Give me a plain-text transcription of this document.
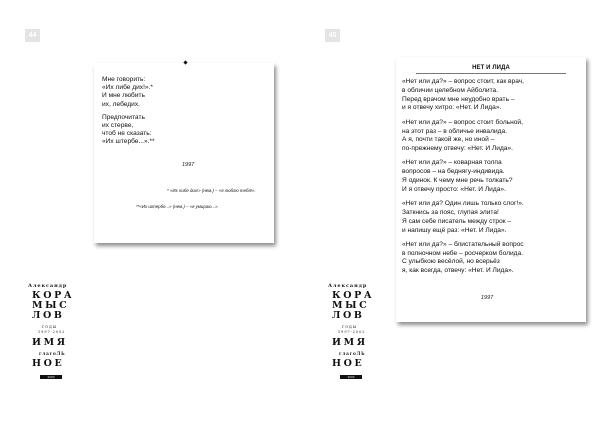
44
Мне говорить:
«Их либе дих!».*
И мне любить
их, лебедих.
Предпочитать
их стерве,
чтоб не сказать:
«Их штербе...».**
1997
* «Их либе дих!» (нем.) – «я люблю тебя!».
**«Их штербе...» (нем.) – «я умираю...».
Александр
КОРА
МЫС
ЛОВ
ГОДЫ
1997-2002
ИМЯ
глагоЛЬ
НОЕ
2003
45
НЕТ И ЛИДА
«Нет или да?» – вопрос стоит, как врач,
в обличии целебном Айболита.
Перед врачом мне неудобно врать –
и я отвечу хитро: «Нет. И Лида».
«Нет или да?» – вопрос стоит больной,
на этот раз – в обличье инвалида.
А я, почти такой же, но иной –
по-прежнему отвечу: «Нет. И Лида».
«Нет или да?» – коварная толпа
вопросов – на беднягу-индивида.
Я одинок. К чему мне речь толкать?
И я отвечу просто: «Нет. И Лида».
«Нет или да? Один лишь только слог!».
Заткнись за пояс, глупая элита!
Я сам себе писатель между строк –
и напишу ещё раз: «Нет. И Лида».
«Нет или да?» – блистательный вопрос
в полночном небе – росчерком болида.
С улыбкою весёлой, но всерьёз
я, как всегда, отвечу: «Нет. И Лида».
1997
Александр
КОРА
МЫС
ЛОВ
ГОДЫ
1997-2002
ИМЯ
глагоЛЬ
НОЕ
2003
